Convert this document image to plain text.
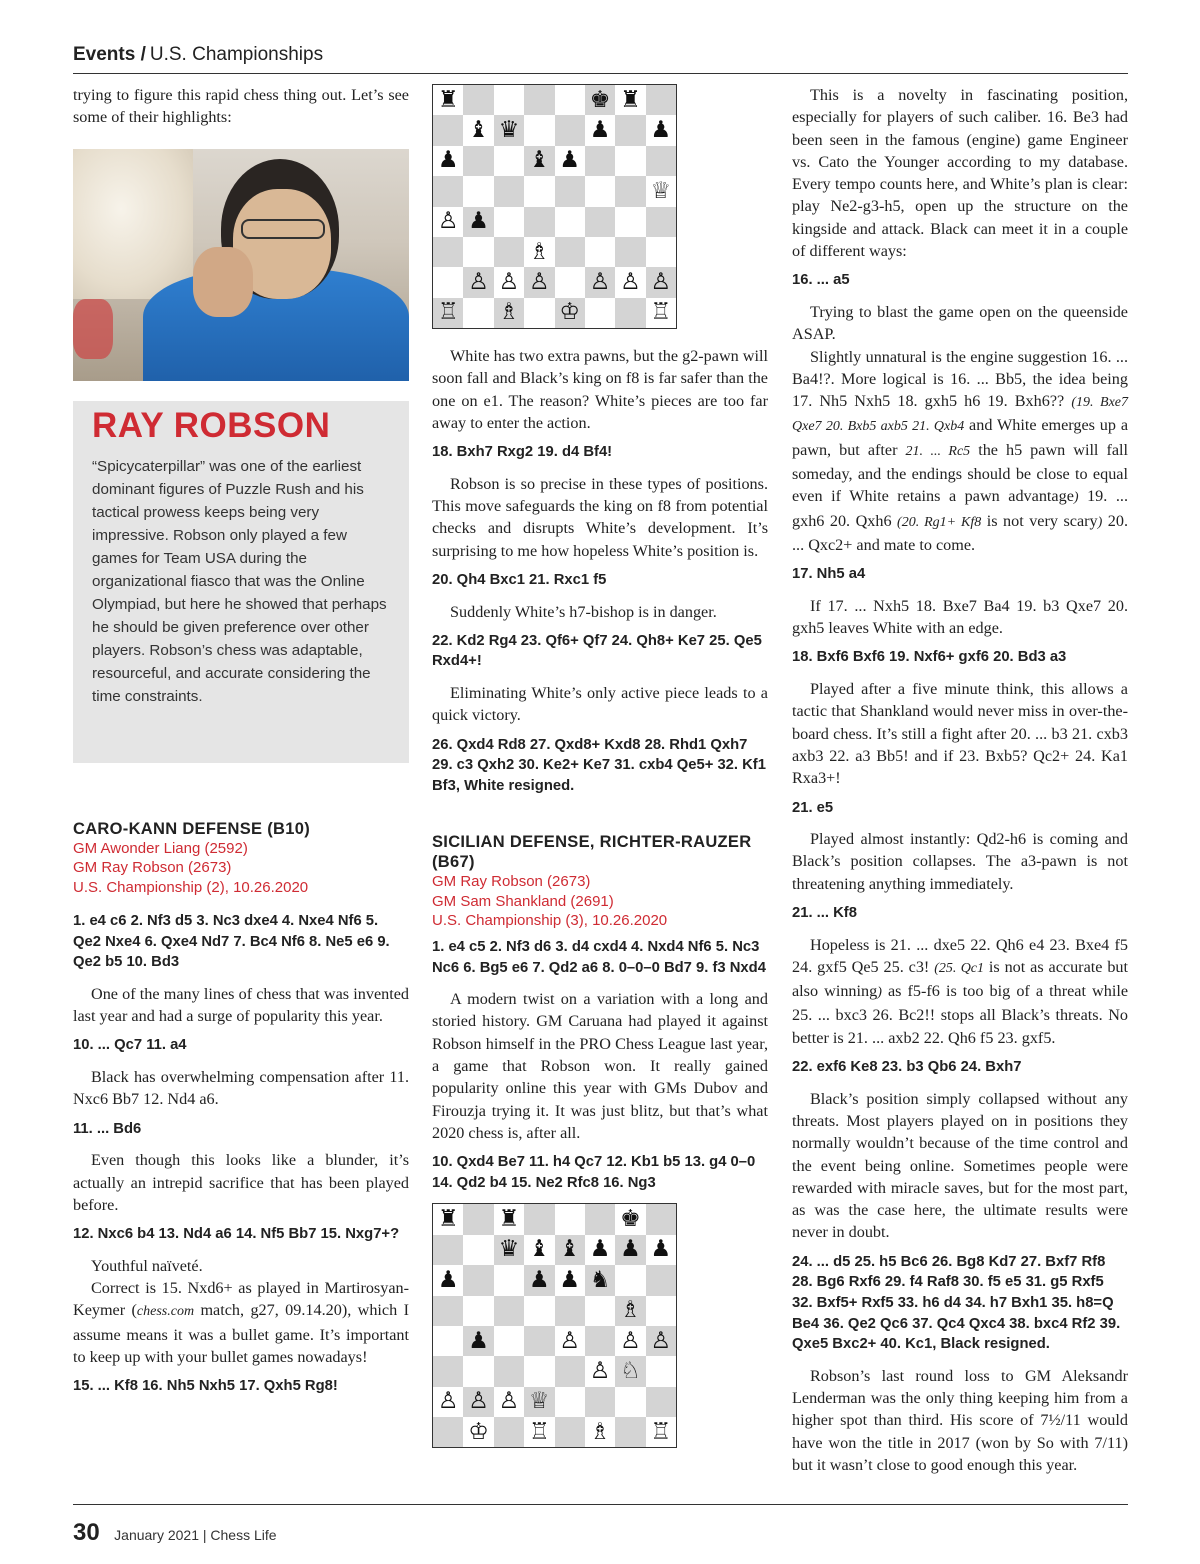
Events / U.S. Championships

trying to figure this rapid chess thing out. Let’s see some of their highlights:

RAY ROBSON

“Spicycaterpillar” was one of the earliest dominant figures of Puzzle Rush and his tactical prowess keeps being very impressive. Robson only played a few games for Team USA during the organizational fiasco that was the Online Olympiad, but here he showed that perhaps he should be given preference over other players. Robson’s chess was adaptable, resourceful, and accurate considering the time constraints.

CARO-KANN DEFENSE (B10)
GM Awonder Liang (2592)
GM Ray Robson (2673)
U.S. Championship (2), 10.26.2020
1. e4 c6 2. Nf3 d5 3. Nc3 dxe4 4. Nxe4 Nf6 5. Qe2 Nxe4 6. Qxe4 Nd7 7. Bc4 Nf6 8. Ne5 e6 9. Qe2 b5 10. Bd3

One of the many lines of chess that was invented last year and had a surge of popularity this year.

10. ... Qc7 11. a4

Black has overwhelming compensation after 11. Nxc6 Bb7 12. Nd4 a6.

11. ... Bd6

Even though this looks like a blunder, it’s actually an intrepid sacrifice that has been played before.

12. Nxc6 b4 13. Nd4 a6 14. Nf5 Bb7 15. Nxg7+?

Youthful naïveté.

Correct is 15. Nxd6+ as played in Martirosyan-Keymer (chess.com match, g27, 09.14.20), which I assume means it was a bullet game. It’s important to keep up with your bullet games nowadays!

15. ... Kf8 16. Nh5 Nxh5 17. Qxh5 Rg8!
♜	♚ ♜
♝ ♛	♟ ♟
♟	♝ ♟
♕
♙ ♟
♗
♙ ♙ ♙ ♙ ♙ ♙
♖ ♗ ♔	♖

White has two extra pawns, but the g2-pawn will soon fall and Black’s king on f8 is far safer than the one on e1. The reason? White’s pieces are too far away to enter the action.

18. Bxh7 Rxg2 19. d4 Bf4!

Robson is so precise in these types of positions. This move safeguards the king on f8 from potential checks and disrupts White’s development. It’s surprising to me how hopeless White’s position is.

20. Qh4 Bxc1 21. Rxc1 f5

Suddenly White’s h7-bishop is in danger.

22. Kd2 Rg4 23. Qf6+ Qf7 24. Qh8+ Ke7 25. Qe5 Rxd4+!

Eliminating White’s only active piece leads to a quick victory.

26. Qxd4 Rd8 27. Qxd8+ Kxd8 28. Rhd1 Qxh7 29. c3 Qxh2 30. Ke2+ Ke7 31. cxb4 Qe5+ 32. Kf1 Bf3, White resigned.
SICILIAN DEFENSE, RICHTER-RAUZER (B67)
GM Ray Robson (2673)
GM Sam Shankland (2691)
U.S. Championship (3), 10.26.2020
1. e4 c5 2. Nf3 d6 3. d4 cxd4 4. Nxd4 Nf6 5. Nc3 Nc6 6. Bg5 e6 7. Qd2 a6 8. 0–0–0 Bd7 9. f3 Nxd4

A modern twist on a variation with a long and storied history. GM Caruana had played it against Robson himself in the PRO Chess League last year, a game that Robson won. It really gained popularity online this year with GMs Dubov and Firouzja trying it. It was just blitz, but that’s what 2020 chess is, after all.

10. Qxd4 Be7 11. h4 Qc7 12. Kb1 b5 13. g4 0–0 14. Qd2 b4 15. Ne2 Rfc8 16. Ng3
♜ ♜	♚
♛ ♝ ♝ ♟ ♟ ♟
♟	♟ ♟ ♞
♗
♟	♙ ♙ ♙
♙ ♘
♙ ♙ ♙ ♕
♔ ♖ ♗ ♖

This is a novelty in fascinating position, especially for players of such caliber. 16. Be3 had been seen in the famous (engine) game Engineer vs. Cato the Younger according to my database. Every tempo counts here, and White’s plan is clear: play Ne2-g3-h5, open up the structure on the kingside and attack. Black can meet it in a couple of different ways:

16. ... a5

Trying to blast the game open on the queenside ASAP.

Slightly unnatural is the engine suggestion 16. ... Ba4!?. More logical is 16. ... Bb5, the idea being 17. Nh5 Nxh5 18. gxh5 h6 19. Bxh6?? (19. Bxe7 Qxe7 20. Bxb5 axb5 21. Qxb4 and White emerges up a pawn, but after 21. ... Rc5 the h5 pawn will fall someday, and the endings should be close to equal even if White retains a pawn advantage) 19. ... gxh6 20. Qxh6 (20. Rg1+ Kf8 is not very scary) 20. ... Qxc2+ and mate to come.

17. Nh5 a4

If 17. ... Nxh5 18. Bxe7 Ba4 19. b3 Qxe7 20. gxh5 leaves White with an edge.

18. Bxf6 Bxf6 19. Nxf6+ gxf6 20. Bd3 a3

Played after a five minute think, this allows a tactic that Shankland would never miss in over-the-board chess. It’s still a fight after 20. ... b3 21. cxb3 axb3 22. a3 Bb5! and if 23. Bxb5? Qc2+ 24. Ka1 Rxa3+!

21. e5

Played almost instantly: Qd2-h6 is coming and Black’s position collapses. The a3-pawn is not threatening anything immediately.

21. ... Kf8

Hopeless is 21. ... dxe5 22. Qh6 e4 23. Bxe4 f5 24. gxf5 Qe5 25. c3! (25. Qc1 is not as accurate but also winning) as f5-f6 is too big of a threat while 25. ... bxc3 26. Bc2!! stops all Black’s threats. No better is 21. ... axb2 22. Qh6 f5 23. gxf5.

22. exf6 Ke8 23. b3 Qb6 24. Bxh7

Black’s position simply collapsed without any threats. Most players played on in positions they normally wouldn’t because of the time control and the event being online. Sometimes people were rewarded with miracle saves, but for the most part, as was the case here, the ultimate results were never in doubt.

24. ... d5 25. h5 Bc6 26. Bg8 Kd7 27. Bxf7 Rf8 28. Bg6 Rxf6 29. f4 Raf8 30. f5 e5 31. g5 Rxf5 32. Bxf5+ Rxf5 33. h6 d4 34. h7 Bxh1 35. h8=Q Be4 36. Qe2 Qc6 37. Qc4 Qxc4 38. bxc4 Rf2 39. Qxe5 Bxc2+ 40. Kc1, Black resigned.

Robson’s last round loss to GM Aleksandr Lenderman was the only thing keeping him from a higher spot than third. His score of 7½/11 would have won the title in 2017 (won by So with 7/11) but it wasn’t close to good enough this year.

30 January 2021 | Chess Life
